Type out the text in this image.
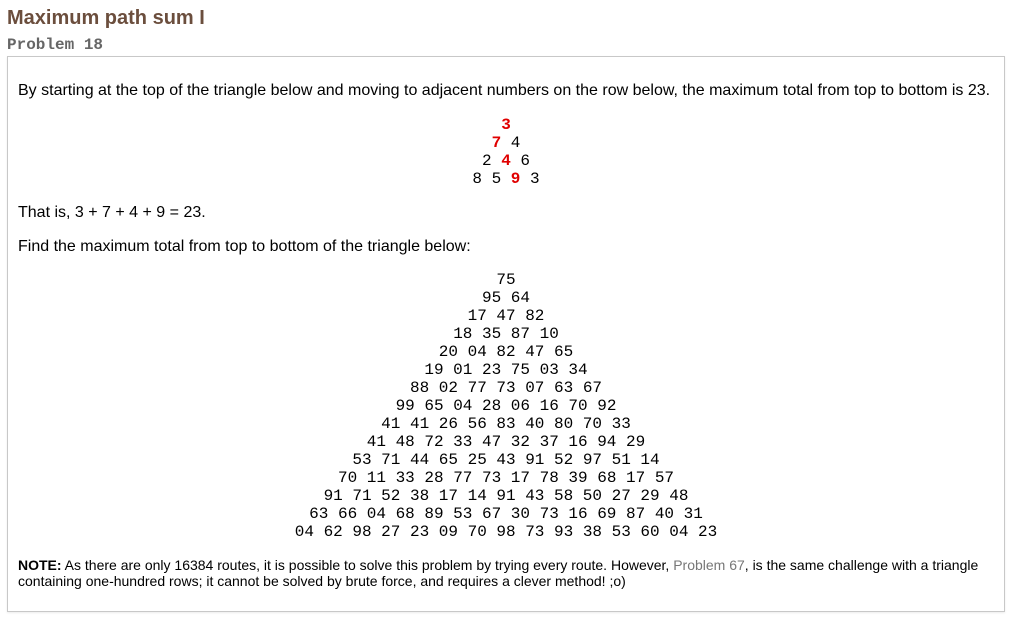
Maximum path sum I
Problem 18

By starting at the top of the triangle below and moving to adjacent numbers on the row below, the maximum total from top to bottom is 23.

3
7 4
2 4 6
8 5 9 3

That is, 3 + 7 + 4 + 9 = 23.

Find the maximum total from top to bottom of the triangle below:

75
95 64
17 47 82
18 35 87 10
20 04 82 47 65
19 01 23 75 03 34
88 02 77 73 07 63 67
99 65 04 28 06 16 70 92
41 41 26 56 83 40 80 70 33
41 48 72 33 47 32 37 16 94 29
53 71 44 65 25 43 91 52 97 51 14
70 11 33 28 77 73 17 78 39 68 17 57
91 71 52 38 17 14 91 43 58 50 27 29 48
63 66 04 68 89 53 67 30 73 16 69 87 40 31
04 62 98 27 23 09 70 98 73 93 38 53 60 04 23
NOTE: As there are only 16384 routes, it is possible to solve this problem by trying every route. However, Problem 67, is the same challenge with a triangle containing one-hundred rows; it cannot be solved by brute force, and requires a clever method! ;o)
